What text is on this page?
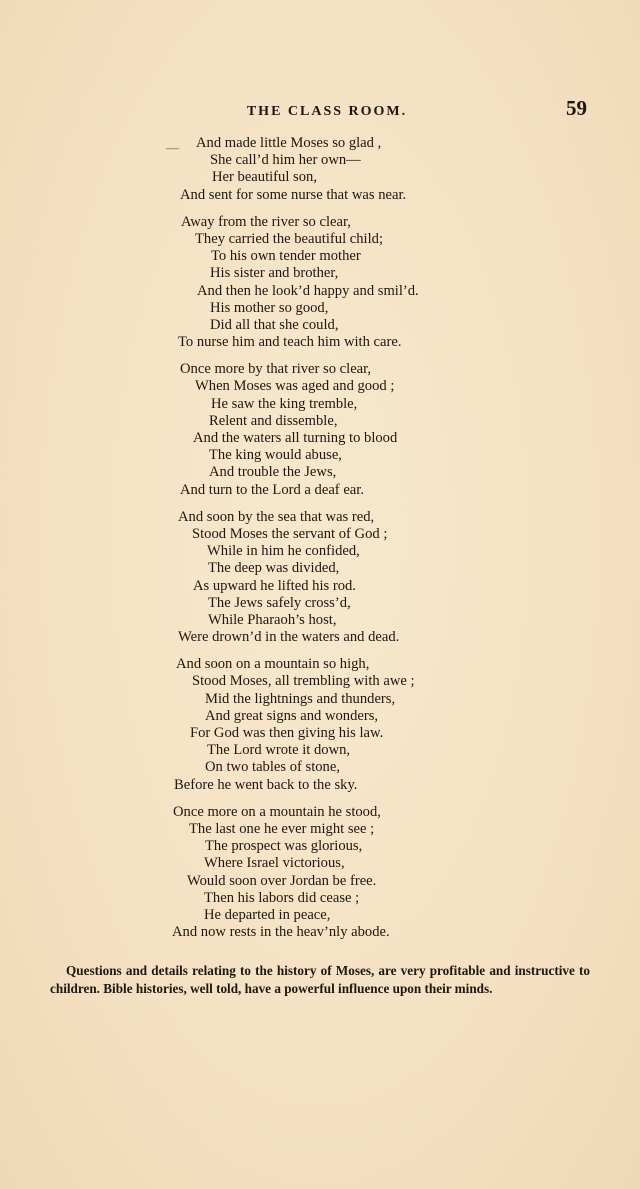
THE CLASS ROOM.	59
—	And made little Moses so glad ,
She call’d him her own—
Her beautiful son,
And sent for some nurse that was near.
Away from the river so clear,
They carried the beautiful child;
To his own tender mother
His sister and brother,
And then he look’d happy and smil’d.
His mother so good,
Did all that she could,
To nurse him and teach him with care.
Once more by that river so clear,
When Moses was aged and good ;
He saw the king tremble,
Relent and dissemble,
And the waters all turning to blood
The king would abuse,
And trouble the Jews,
And turn to the Lord a deaf ear.
And soon by the sea that was red,
Stood Moses the servant of God ;
While in him he confided,
The deep was divided,
As upward he lifted his rod.
The Jews safely cross’d,
While Pharaoh’s host,
Were drown’d in the waters and dead.
And soon on a mountain so high,
Stood Moses, all trembling with awe ;
Mid the lightnings and thunders,
And great signs and wonders,
For God was then giving his law.
The Lord wrote it down,
On two tables of stone,
Before he went back to the sky.
Once more on a mountain he stood,
The last one he ever might see ;
The prospect was glorious,
Where Israel victorious,
Would soon over Jordan be free.
Then his labors did cease ;
He departed in peace,
And now rests in the heav’nly abode.

Questions and details relating to the history of Moses, are very profitable and instructive to children. Bible histories, well told, have a powerful influence upon their minds.
